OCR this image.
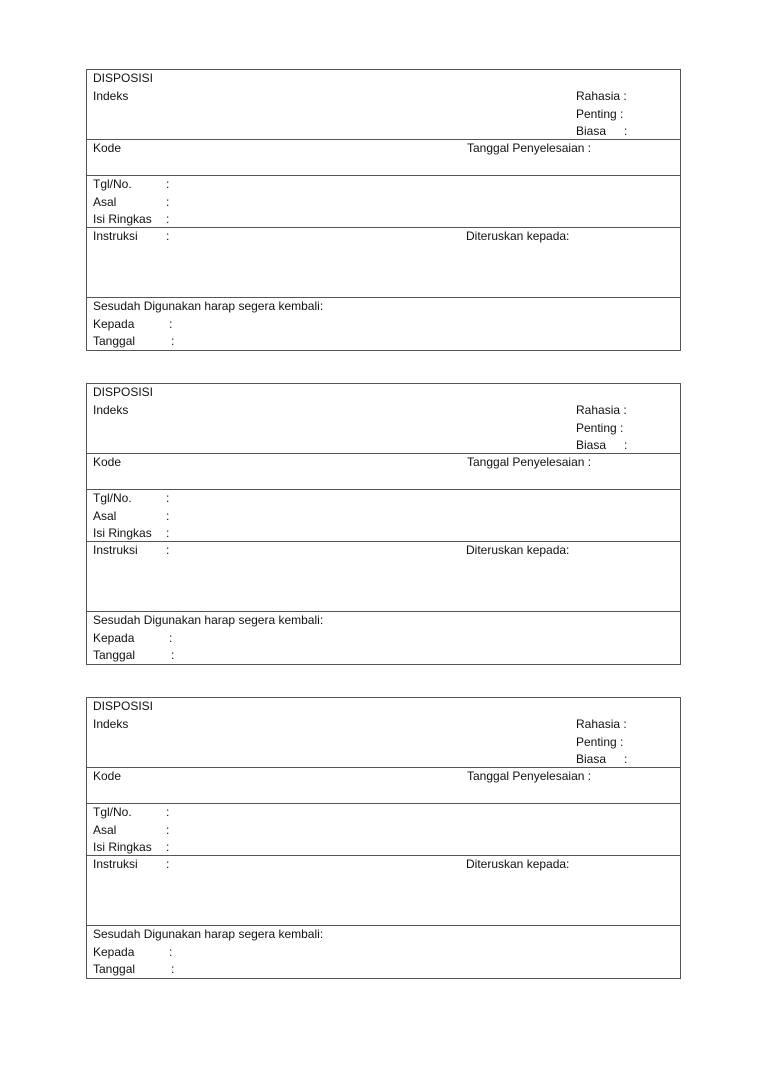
DISPOSISI
Indeks	Rahasia :
Penting :
Biasa :
Kode	Tanggal Penyelesaian :
Tgl/No.	:
Asal	:
Isi Ringkas :
Instruksi :	Diteruskan kepada:
Sesudah Digunakan harap segera kembali:
Kepada	:
Tanggal	:
DISPOSISI
Indeks	Rahasia :
Penting :
Biasa :
Kode	Tanggal Penyelesaian :
Tgl/No.	:
Asal	:
Isi Ringkas :
Instruksi :	Diteruskan kepada:
Sesudah Digunakan harap segera kembali:
Kepada	:
Tanggal	:
DISPOSISI
Indeks	Rahasia :
Penting :
Biasa :
Kode	Tanggal Penyelesaian :
Tgl/No.	:
Asal	:
Isi Ringkas :
Instruksi :	Diteruskan kepada:
Sesudah Digunakan harap segera kembali:
Kepada	:
Tanggal	:
